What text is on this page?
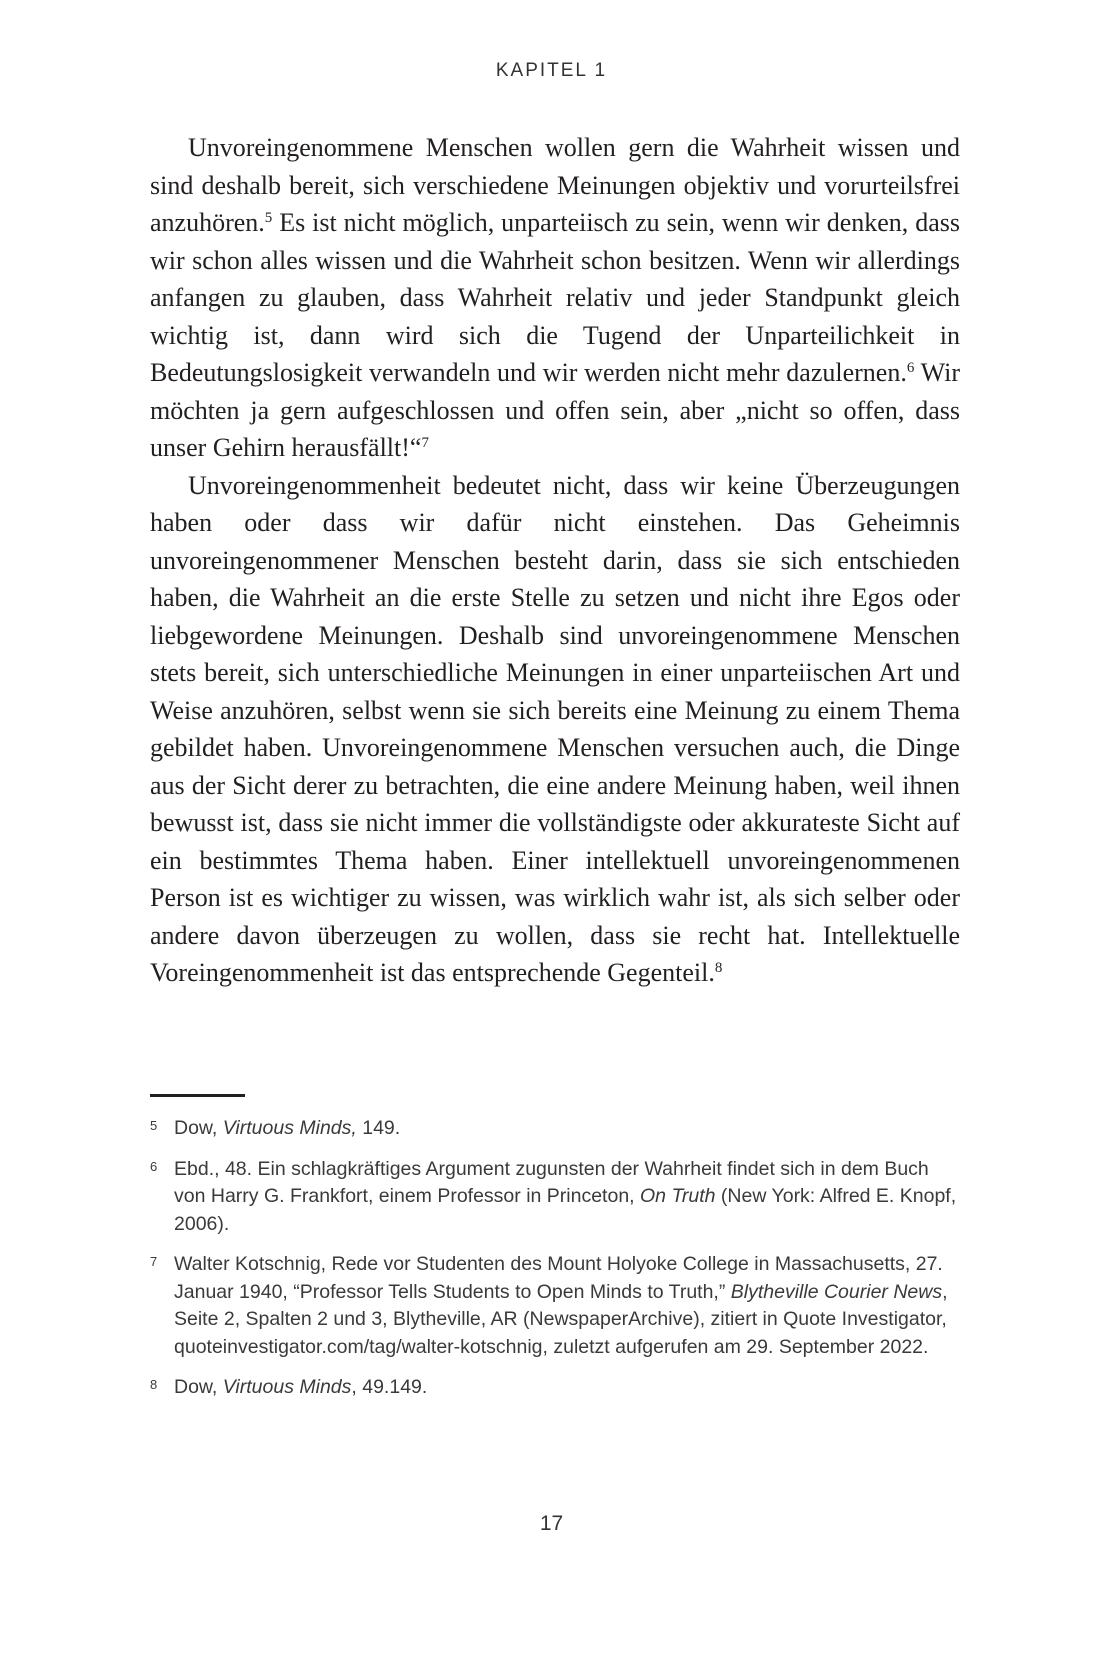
KAPITEL 1

Unvoreingenommene Menschen wollen gern die Wahrheit wissen und sind deshalb bereit, sich verschiedene Meinungen objektiv und vorurteilsfrei anzuhören.$^5$ Es ist nicht möglich, unparteiisch zu sein, wenn wir denken, dass wir schon alles wissen und die Wahrheit schon besitzen. Wenn wir allerdings anfangen zu glauben, dass Wahrheit relativ und jeder Standpunkt gleich wichtig ist, dann wird sich die Tugend der Unparteilichkeit in Bedeutungslosigkeit verwandeln und wir werden nicht mehr dazulernen.$^6$ Wir möchten ja gern aufgeschlossen und offen sein, aber „nicht so offen, dass unser Gehirn herausfällt!“$^7$

Unvoreingenommenheit bedeutet nicht, dass wir keine Überzeugungen haben oder dass wir dafür nicht einstehen. Das Geheimnis unvoreingenommener Menschen besteht darin, dass sie sich entschieden haben, die Wahrheit an die erste Stelle zu setzen und nicht ihre Egos oder liebgewordene Meinungen. Deshalb sind unvoreingenommene Menschen stets bereit, sich unterschiedliche Meinungen in einer unparteiischen Art und Weise anzuhören, selbst wenn sie sich bereits eine Meinung zu einem Thema gebildet haben. Unvoreingenommene Menschen versuchen auch, die Dinge aus der Sicht derer zu betrachten, die eine andere Meinung haben, weil ihnen bewusst ist, dass sie nicht immer die vollständigste oder akkurateste Sicht auf ein bestimmtes Thema haben. Einer intellektuell unvoreingenommenen Person ist es wichtiger zu wissen, was wirklich wahr ist, als sich selber oder andere davon überzeugen zu wollen, dass sie recht hat. Intellektuelle Voreingenommenheit ist das entsprechende Gegenteil.$^8$

5 Dow, Virtuous Minds, 149.
6 Ebd., 48. Ein schlagkräftiges Argument zugunsten der Wahrheit findet sich in dem Buch von Harry G. Frankfort, einem Professor in Princeton, On Truth (New York: Alfred E. Knopf, 2006).
7 Walter Kotschnig, Rede vor Studenten des Mount Holyoke College in Massachusetts, 27. Januar 1940, “Professor Tells Students to Open Minds to Truth,” Blytheville Courier News, Seite 2, Spalten 2 und 3, Blytheville, AR (NewspaperArchive), zitiert in Quote Investigator, quoteinvestigator.com/tag/walter-kotschnig, zuletzt aufgerufen am 29. September 2022.
8 Dow, Virtuous Minds, 49.149.
17
